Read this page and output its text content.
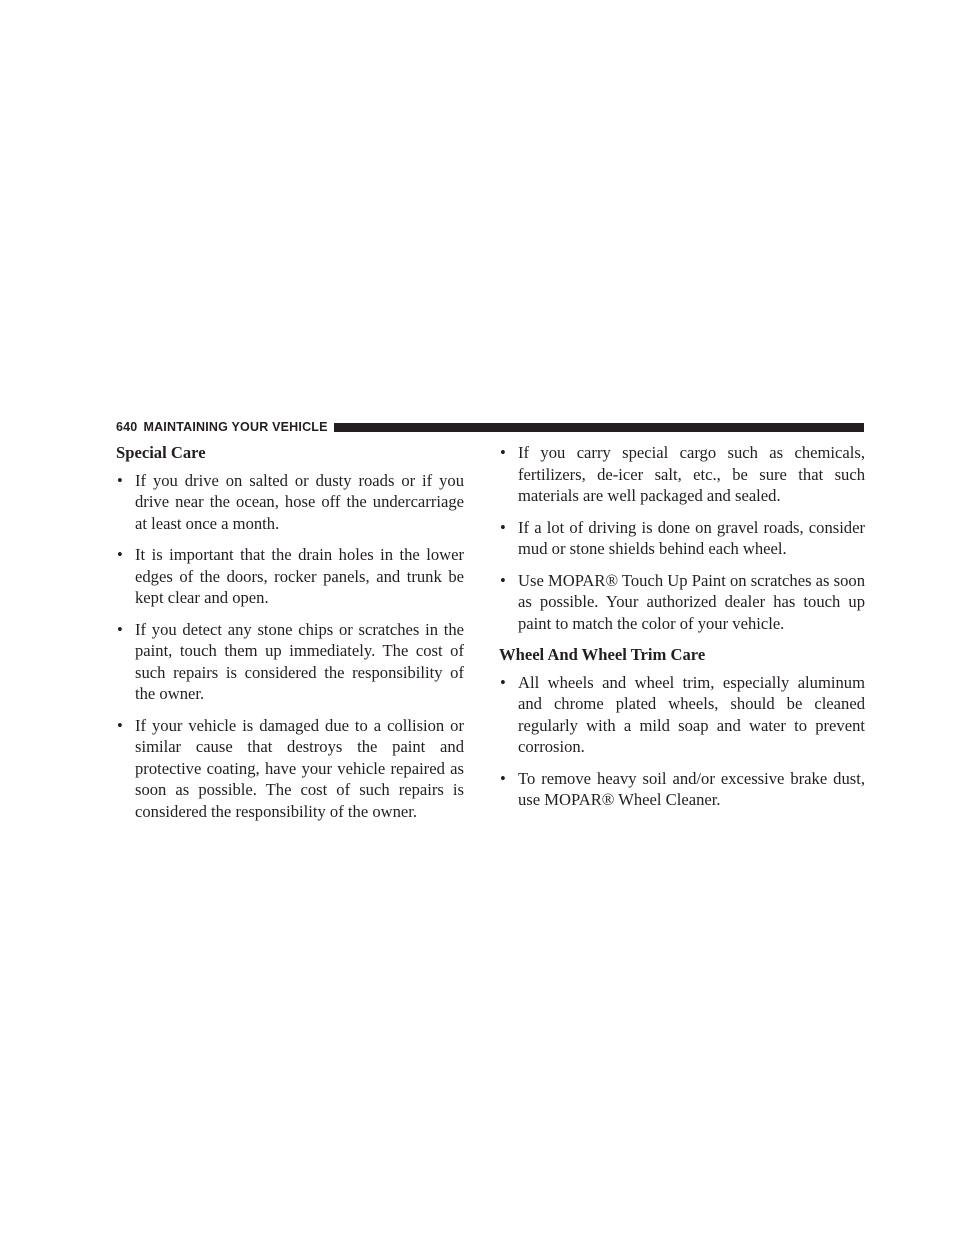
640 MAINTAINING YOUR VEHICLE
Special Care
• If you drive on salted or dusty roads or if you drive near the ocean, hose off the undercarriage at least once a month.
• It is important that the drain holes in the lower edges of the doors, rocker panels, and trunk be kept clear and open.
• If you detect any stone chips or scratches in the paint, touch them up immediately. The cost of such repairs is considered the responsibility of the owner.
• If your vehicle is damaged due to a collision or similar cause that destroys the paint and protective coating, have your vehicle repaired as soon as possible. The cost of such repairs is considered the responsibility of the owner.
• If you carry special cargo such as chemicals, fertilizers, de-icer salt, etc., be sure that such materials are well packaged and sealed.
• If a lot of driving is done on gravel roads, consider mud or stone shields behind each wheel.
• Use MOPAR® Touch Up Paint on scratches as soon as possible. Your authorized dealer has touch up paint to match the color of your vehicle.
Wheel And Wheel Trim Care
• All wheels and wheel trim, especially aluminum and chrome plated wheels, should be cleaned regularly with a mild soap and water to prevent corrosion.
• To remove heavy soil and/or excessive brake dust, use MOPAR® Wheel Cleaner.
